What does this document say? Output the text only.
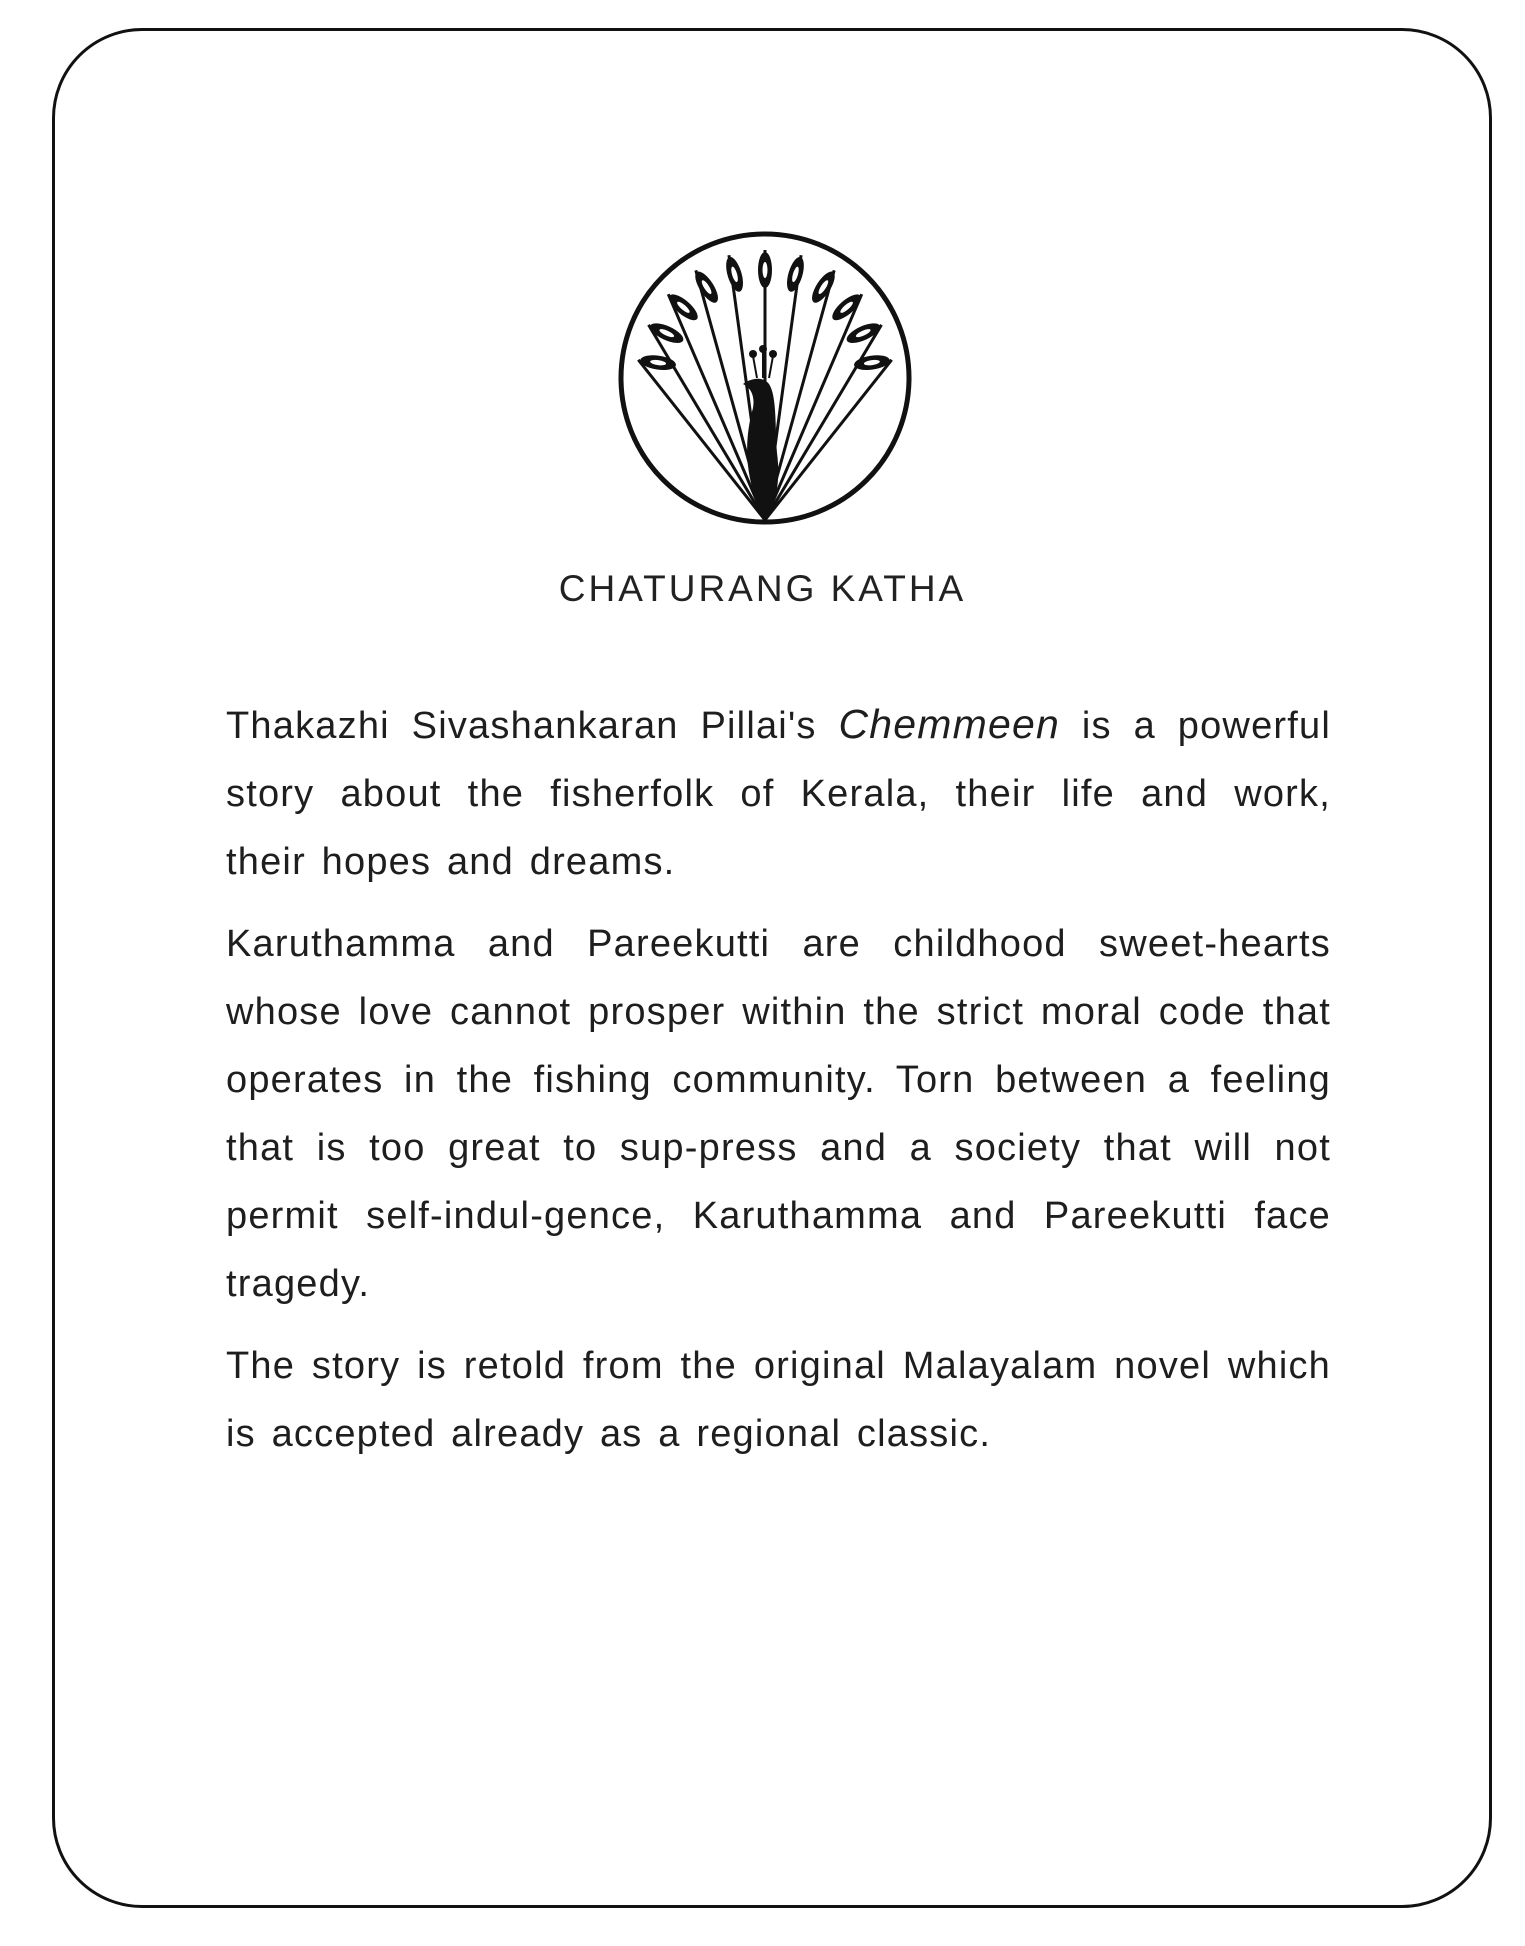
CHATURANG KATHA

Thakazhi Sivashankaran Pillai's Chemmeen is a powerful story about the fisherfolk of Kerala, their life and work, their hopes and dreams.

Karuthamma and Pareekutti are childhood sweet-hearts whose love cannot prosper within the strict moral code that operates in the fishing community. Torn between a feeling that is too great to sup-press and a society that will not permit self-indul-gence, Karuthamma and Pareekutti face tragedy.

The story is retold from the original Malayalam novel which is accepted already as a regional classic.
